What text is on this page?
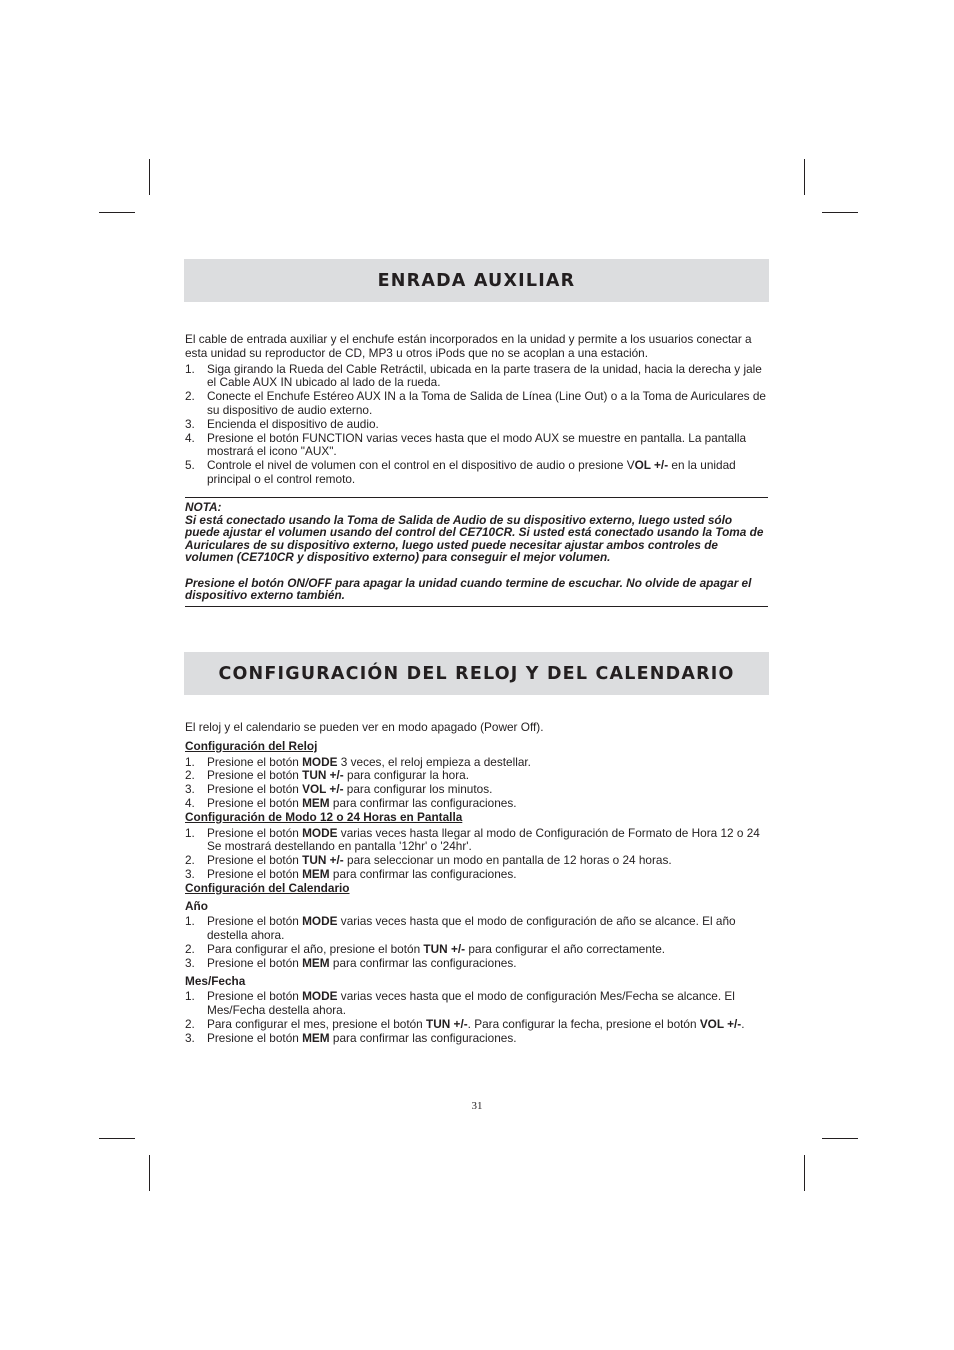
ENRADA AUXILIAR

El cable de entrada auxiliar y el enchufe están incorporados en la unidad y permite a los usuarios conectar a esta unidad su reproductor de CD, MP3 u otros iPods que no se acoplan a una estación.

1.	Siga girando la Rueda del Cable Retráctil, ubicada en la parte trasera de la unidad, hacia la derecha y jale el Cable AUX IN ubicado al lado de la rueda.
2.	Conecte el Enchufe Estéreo AUX IN a la Toma de Salida de Línea (Line Out) o a la Toma de Auriculares de su dispositivo de audio externo.
3.	Encienda el dispositivo de audio.
4.	Presione el botón FUNCTION varias veces hasta que el modo AUX se muestre en pantalla. La pantalla mostrará el icono "AUX".
5.	Controle el nivel de volumen con el control en el dispositivo de audio o presione VOL +/- en la unidad principal o el control remoto.

NOTA:

Si está conectado usando la Toma de Salida de Audio de su dispositivo externo, luego usted sólo puede ajustar el volumen usando del control del CE710CR. Si usted está conectado usando la Toma de Auriculares de su dispositivo externo, luego usted puede necesitar ajustar ambos controles de volumen (CE710CR y dispositivo externo) para conseguir el mejor volumen.

Presione el botón ON/OFF para apagar la unidad cuando termine de escuchar. No olvide de apagar el dispositivo externo también.

CONFIGURACIÓN DEL RELOJ Y DEL CALENDARIO

El reloj y el calendario se pueden ver en modo apagado (Power Off).

Configuración del Reloj

1.	Presione el botón MODE 3 veces, el reloj empieza a destellar.
2.	Presione el botón TUN +/- para configurar la hora.
3.	Presione el botón VOL +/- para configurar los minutos.
4.	Presione el botón MEM para confirmar las configuraciones.

Configuración de Modo 12 o 24 Horas en Pantalla

1.	Presione el botón MODE varias veces hasta llegar al modo de Configuración de Formato de Hora 12 o 24 Se mostrará destellando en pantalla '12hr' o '24hr'.
2.	Presione el botón TUN +/- para seleccionar un modo en pantalla de 12 horas o 24 horas.
3.	Presione el botón MEM para confirmar las configuraciones.

Configuración del Calendario

Año

1.	Presione el botón MODE varias veces hasta que el modo de configuración de año se alcance. El año destella ahora.
2.	Para configurar el año, presione el botón TUN +/- para configurar el año correctamente.
3.	Presione el botón MEM para confirmar las configuraciones.

Mes/Fecha

1.	Presione el botón MODE varias veces hasta que el modo de configuración Mes/Fecha se alcance. El Mes/Fecha destella ahora.
2.	Para configurar el mes, presione el botón TUN +/-. Para configurar la fecha, presione el botón VOL +/-.
3.	Presione el botón MEM para confirmar las configuraciones.
31
